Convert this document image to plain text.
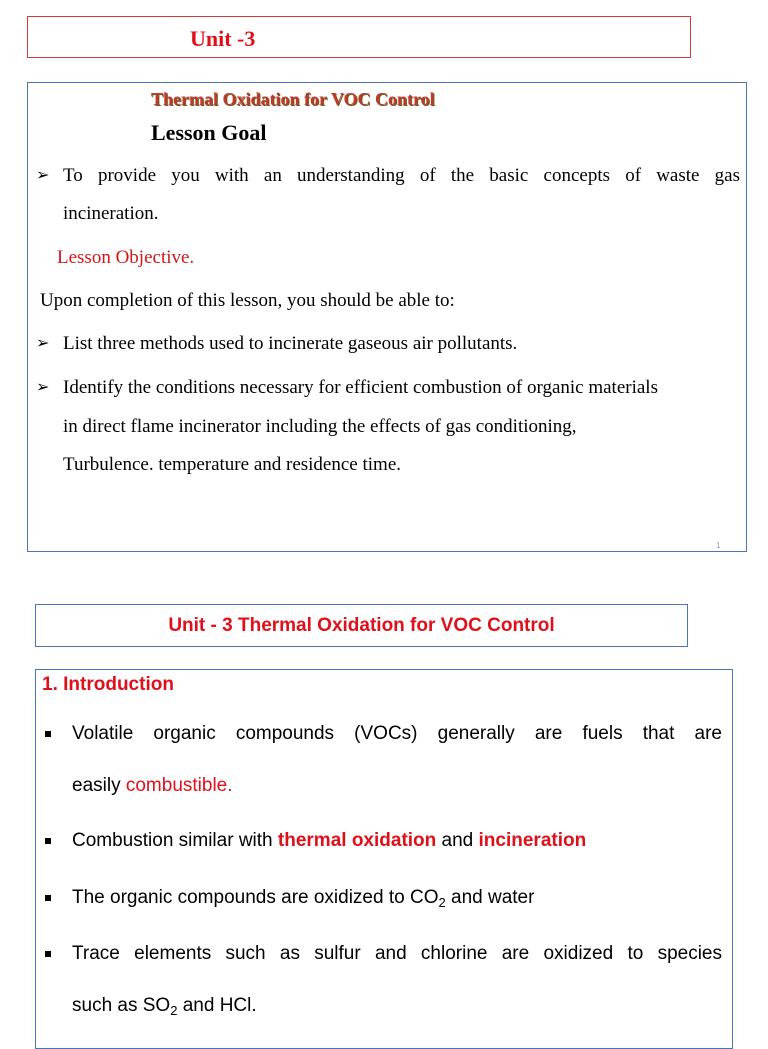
Unit -3
Thermal Oxidation for VOC Control
Lesson Goal
➢ To provide you with an understanding of the basic concepts of waste gas
incineration.
Lesson Objective.
Upon completion of this lesson, you should be able to:
➢ List three methods used to incinerate gaseous air pollutants.
➢ Identify the conditions necessary for efficient combustion of organic materials
in direct flame incinerator including the effects of gas conditioning,
Turbulence. temperature and residence time.
1
Unit - 3 Thermal Oxidation for VOC Control
1. Introduction
Volatile organic compounds (VOCs) generally are fuels that are
easily combustible.
Combustion similar with thermal oxidation and incineration
The organic compounds are oxidized to $CO_2$ and water
Trace elements such as sulfur and chlorine are oxidized to species
such as $SO_2$ and HCl.
